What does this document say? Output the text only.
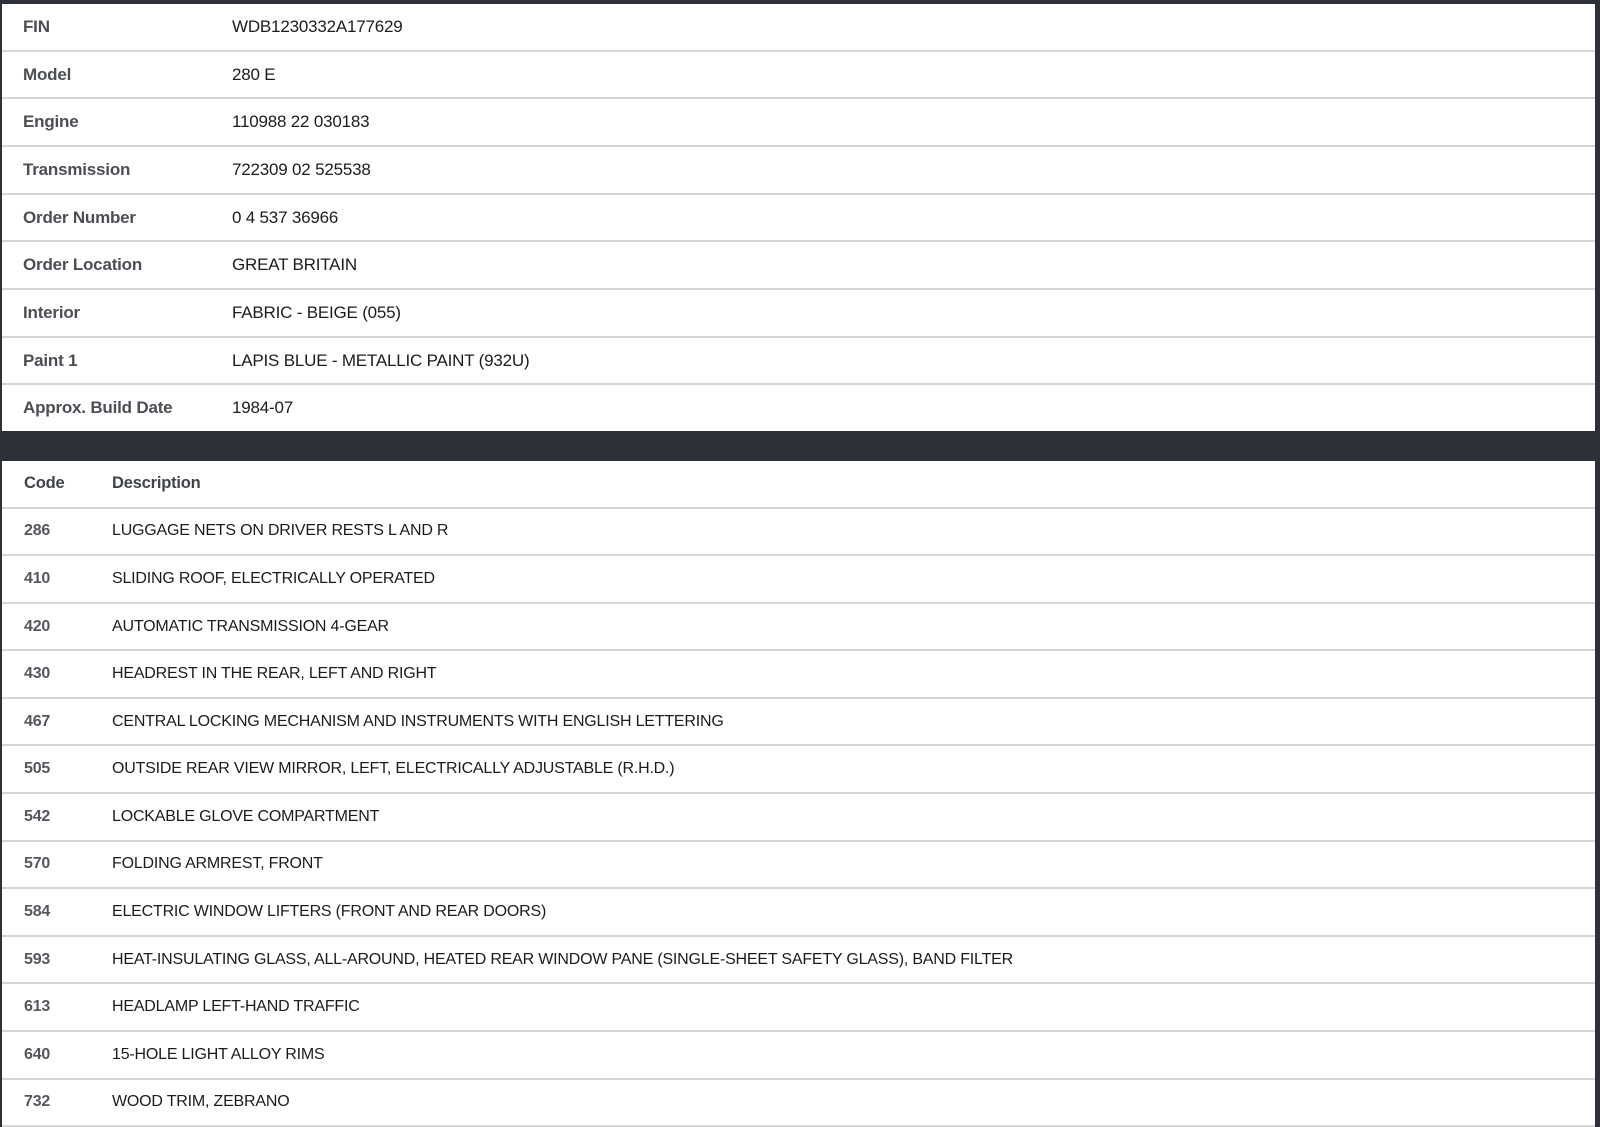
FIN	WDB1230332A177629
Model	280 E
Engine	110988 22 030183
Transmission	722309 02 525538
Order Number	0 4 537 36966
Order Location	GREAT BRITAIN
Interior	FABRIC - BEIGE (055)
Paint 1	LAPIS BLUE - METALLIC PAINT (932U)
Approx. Build Date	1984-07
Code	Description
286	LUGGAGE NETS ON DRIVER RESTS L AND R
410	SLIDING ROOF, ELECTRICALLY OPERATED
420	AUTOMATIC TRANSMISSION 4-GEAR
430	HEADREST IN THE REAR, LEFT AND RIGHT
467	CENTRAL LOCKING MECHANISM AND INSTRUMENTS WITH ENGLISH LETTERING
505	OUTSIDE REAR VIEW MIRROR, LEFT, ELECTRICALLY ADJUSTABLE (R.H.D.)
542	LOCKABLE GLOVE COMPARTMENT
570	FOLDING ARMREST, FRONT
584	ELECTRIC WINDOW LIFTERS (FRONT AND REAR DOORS)
593	HEAT-INSULATING GLASS, ALL-AROUND, HEATED REAR WINDOW PANE (SINGLE-SHEET SAFETY GLASS), BAND FILTER
613	HEADLAMP LEFT-HAND TRAFFIC
640	15-HOLE LIGHT ALLOY RIMS
732	WOOD TRIM, ZEBRANO
